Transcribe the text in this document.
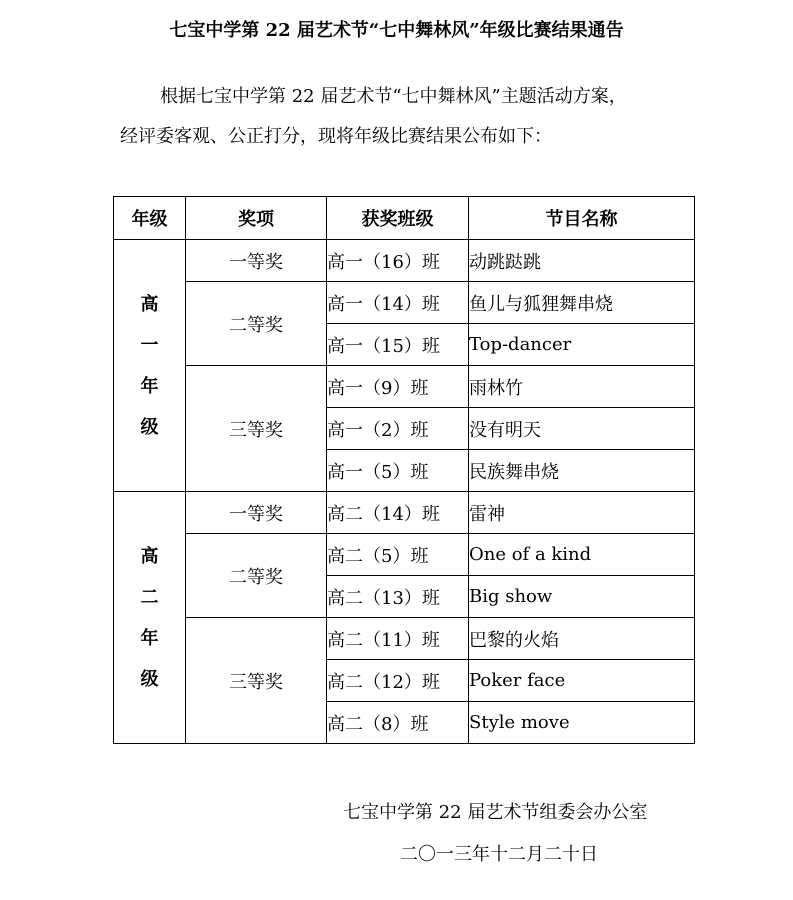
七宝中学第 22 届艺术节“七中舞林风”年级比赛结果通告
根据七宝中学第 22 届艺术节“七中舞林风”主题活动方案，
经评委客观、公正打分，现将年级比赛结果公布如下：
年级	奖项	获奖班级	节目名称

高
一
年
级	一等奖	高一（16）班	动跳跶跳
	二等奖	高一（14）班	鱼儿与狐狸舞串烧
		高一（15）班	Top-dancer
	三等奖	高一（9）班	雨林竹
		高一（2）班	没有明天
		高一（5）班	民族舞串烧

高
二
年
级	一等奖	高二（14）班	雷神
	二等奖	高二（5）班	One of a kind
		高二（13）班	Big show
	三等奖	高二（11）班	巴黎的火焰
		高二（12）班	Poker face
		高二（8）班	Style move
七宝中学第 22 届艺术节组委会办公室
二〇一三年十二月二十日
